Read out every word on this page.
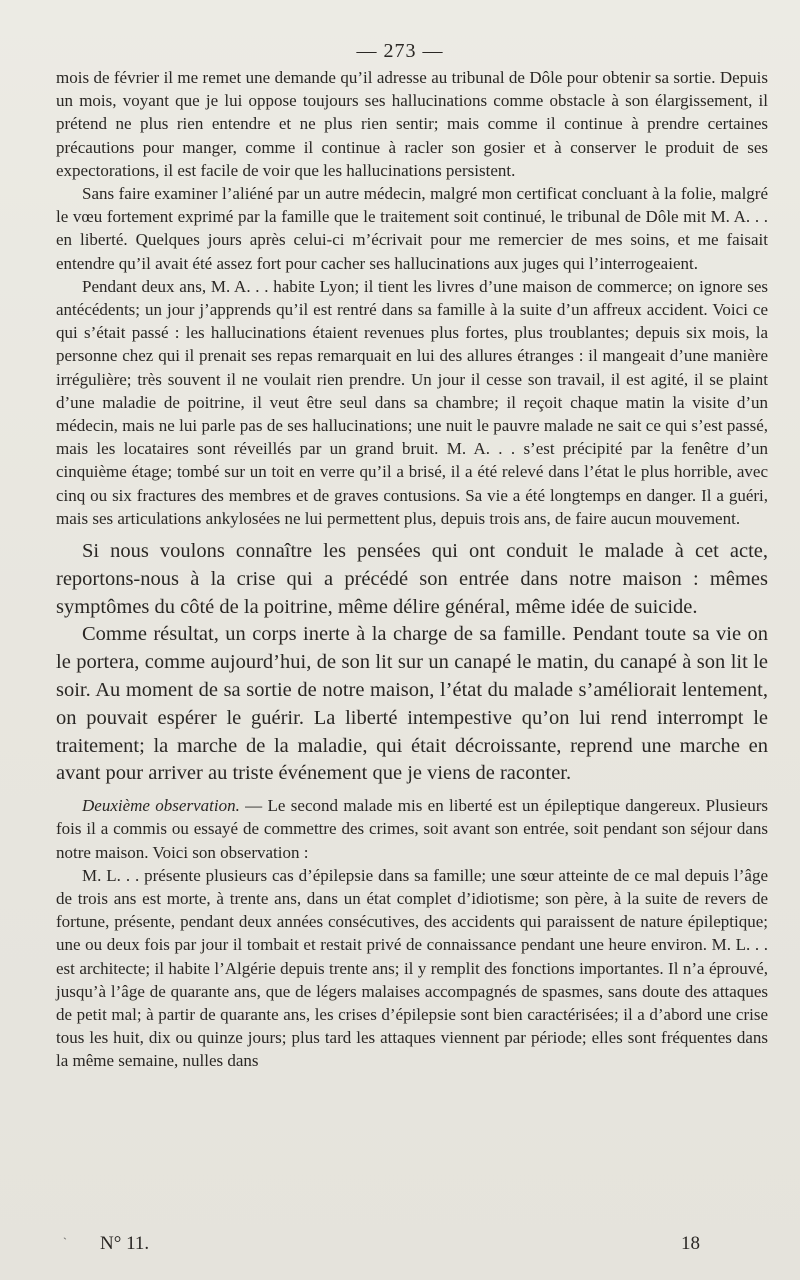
— 273 —

mois de février il me remet une demande qu’il adresse au tribunal de Dôle pour obtenir sa sortie. Depuis un mois, voyant que je lui oppose toujours ses hallucinations comme obstacle à son élargissement, il prétend ne plus rien entendre et ne plus rien sentir; mais comme il continue à prendre certaines précautions pour manger, comme il continue à racler son gosier et à conserver le produit de ses expectorations, il est facile de voir que les hallucinations persistent.

Sans faire examiner l’aliéné par un autre médecin, malgré mon certificat concluant à la folie, malgré le vœu fortement exprimé par la famille que le traitement soit continué, le tribunal de Dôle mit M. A. . . en liberté. Quelques jours après celui-ci m’écrivait pour me remercier de mes soins, et me faisait entendre qu’il avait été assez fort pour cacher ses hallucinations aux juges qui l’interrogeaient.

Pendant deux ans, M. A. . . habite Lyon; il tient les livres d’une maison de commerce; on ignore ses antécédents; un jour j’apprends qu’il est rentré dans sa famille à la suite d’un affreux accident. Voici ce qui s’était passé : les hallucinations étaient revenues plus fortes, plus troublantes; depuis six mois, la personne chez qui il prenait ses repas remarquait en lui des allures étranges : il mangeait d’une manière irrégulière; très souvent il ne voulait rien prendre. Un jour il cesse son travail, il est agité, il se plaint d’une maladie de poitrine, il veut être seul dans sa chambre; il reçoit chaque matin la visite d’un médecin, mais ne lui parle pas de ses hallucinations; une nuit le pauvre malade ne sait ce qui s’est passé, mais les locataires sont réveillés par un grand bruit. M. A. . . s’est précipité par la fenêtre d’un cinquième étage; tombé sur un toit en verre qu’il a brisé, il a été relevé dans l’état le plus horrible, avec cinq ou six fractures des membres et de graves contusions. Sa vie a été longtemps en danger. Il a guéri, mais ses articulations ankylosées ne lui permettent plus, depuis trois ans, de faire aucun mouvement.

Si nous voulons connaître les pensées qui ont conduit le malade à cet acte, reportons-nous à la crise qui a précédé son entrée dans notre maison : mêmes symptômes du côté de la poitrine, même délire général, même idée de suicide.

Comme résultat, un corps inerte à la charge de sa famille. Pendant toute sa vie on le portera, comme aujourd’hui, de son lit sur un canapé le matin, du canapé à son lit le soir. Au moment de sa sortie de notre maison, l’état du malade s’améliorait lentement, on pouvait espérer le guérir. La liberté intempestive qu’on lui rend interrompt le traitement; la marche de la maladie, qui était décroissante, reprend une marche en avant pour arriver au triste événement que je viens de raconter.

Deuxième observation. — Le second malade mis en liberté est un épileptique dangereux. Plusieurs fois il a commis ou essayé de commettre des crimes, soit avant son entrée, soit pendant son séjour dans notre maison. Voici son observation :

M. L. . . présente plusieurs cas d’épilepsie dans sa famille; une sœur atteinte de ce mal depuis l’âge de trois ans est morte, à trente ans, dans un état complet d’idiotisme; son père, à la suite de revers de fortune, présente, pendant deux années consécutives, des accidents qui paraissent de nature épileptique; une ou deux fois par jour il tombait et restait privé de connaissance pendant une heure environ. M. L. . . est architecte; il habite l’Algérie depuis trente ans; il y remplit des fonctions importantes. Il n’a éprouvé, jusqu’à l’âge de quarante ans, que de légers malaises accompagnés de spasmes, sans doute des attaques de petit mal; à partir de quarante ans, les crises d’épilepsie sont bien caractérisées; il a d’abord une crise tous les huit, dix ou quinze jours; plus tard les attaques viennent par période; elles sont fréquentes dans la même semaine, nulles dans

ˋ N° 11.	18
